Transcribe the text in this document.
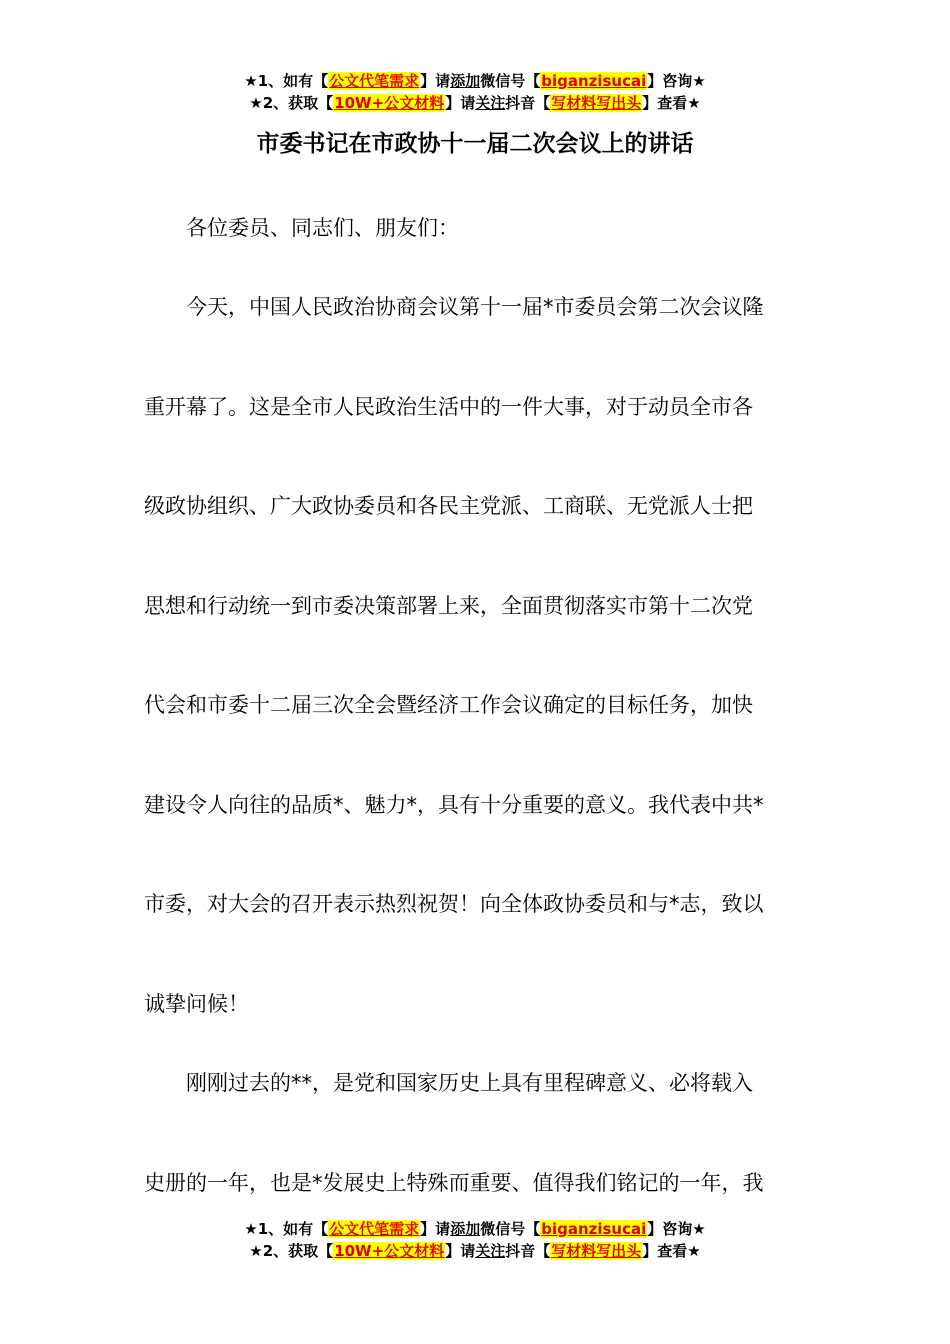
★1、如有【公文代笔需求】请添加微信号【biganzisucai】咨询★
★2、获取【10W+公文材料】请关注抖音【写材料写出头】查看★
市委书记在市政协十一届二次会议上的讲话
　　各位委员、同志们、朋友们：
　　今天，中国人民政治协商会议第十一届*市委员会第二次会议隆
重开幕了。这是全市人民政治生活中的一件大事，对于动员全市各
级政协组织、广大政协委员和各民主党派、工商联、无党派人士把
思想和行动统一到市委决策部署上来，全面贯彻落实市第十二次党
代会和市委十二届三次全会暨经济工作会议确定的目标任务，加快
建设令人向往的品质*、魅力*，具有十分重要的意义。我代表中共*
市委，对大会的召开表示热烈祝贺！向全体政协委员和与*志，致以
诚挚问候！
　　刚刚过去的**，是党和国家历史上具有里程碑意义、必将载入
史册的一年，也是*发展史上特殊而重要、值得我们铭记的一年，我
★1、如有【公文代笔需求】请添加微信号【biganzisucai】咨询★
★2、获取【10W+公文材料】请关注抖音【写材料写出头】查看★
